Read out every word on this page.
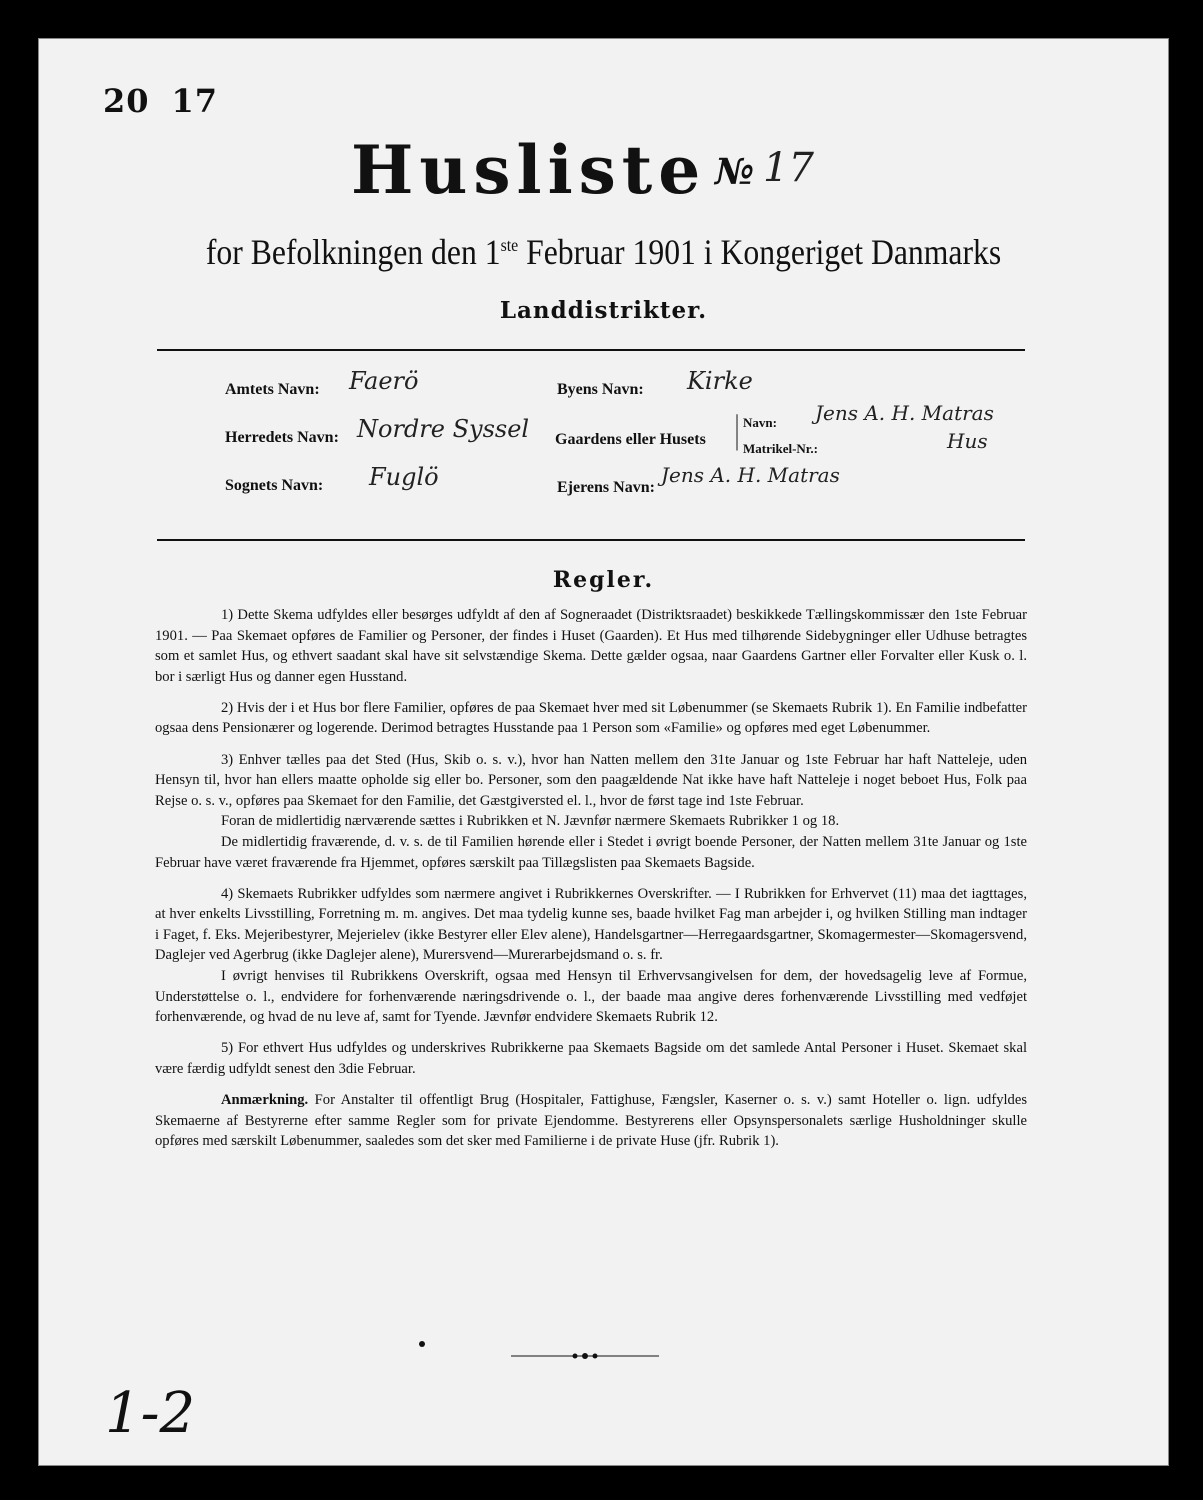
20 17
Husliste № 17
for Befolkningen den 1ste Februar 1901 i Kongeriget Danmarks
Landdistrikter.
Amtets Navn: Faerö	Byens Navn: Kirke
Herredets Navn: Nordre Syssel Gaardens eller Husets
|
|
Navn:
Matrikel-Nr.:
Jens A. H. Matras
Hus
Sognets Navn: Fuglö	Ejerens Navn:
Jens A. H. Matras
Regler.

1) Dette Skema udfyldes eller besørges udfyldt af den af Sogneraadet (Distriktsraadet) beskikkede Tællingskommissær den 1ste Februar 1901. — Paa Skemaet opføres de Familier og Personer, der findes i Huset (Gaarden). Et Hus med tilhørende Sidebygninger eller Udhuse betragtes som et samlet Hus, og ethvert saadant skal have sit selvstændige Skema. Dette gælder ogsaa, naar Gaardens Gartner eller Forvalter eller Kusk o. l. bor i særligt Hus og danner egen Husstand.

2) Hvis der i et Hus bor flere Familier, opføres de paa Skemaet hver med sit Løbenummer (se Skemaets Rubrik 1). En Familie indbefatter ogsaa dens Pensionærer og logerende. Derimod betragtes Husstande paa 1 Person som «Familie» og opføres med eget Løbenummer.

3) Enhver tælles paa det Sted (Hus, Skib o. s. v.), hvor han Natten mellem den 31te Januar og 1ste Februar har haft Natteleje, uden Hensyn til, hvor han ellers maatte opholde sig eller bo. Personer, som den paagældende Nat ikke have haft Natteleje i noget beboet Hus, Folk paa Rejse o. s. v., opføres paa Skemaet for den Familie, det Gæstgiversted el. l., hvor de først tage ind 1ste Februar.

Foran de midlertidig nærværende sættes i Rubrikken et N. Jævnfør nærmere Skemaets Rubrikker 1 og 18.

De midlertidig fraværende, d. v. s. de til Familien hørende eller i Stedet i øvrigt boende Personer, der Natten mellem 31te Januar og 1ste Februar have været fraværende fra Hjemmet, opføres særskilt paa Tillægslisten paa Skemaets Bagside.

4) Skemaets Rubrikker udfyldes som nærmere angivet i Rubrikkernes Overskrifter. — I Rubrikken for Erhvervet (11) maa det iagttages, at hver enkelts Livsstilling, Forretning m. m. angives. Det maa tydelig kunne ses, baade hvilket Fag man arbejder i, og hvilken Stilling man indtager i Faget, f. Eks. Mejeribestyrer, Mejerielev (ikke Bestyrer eller Elev alene), Handelsgartner—Herregaardsgartner, Skomagermester—Skomagersvend, Daglejer ved Agerbrug (ikke Daglejer alene), Murersvend—Murerarbejdsmand o. s. fr.

I øvrigt henvises til Rubrikkens Overskrift, ogsaa med Hensyn til Erhvervsangivelsen for dem, der hovedsagelig leve af Formue, Understøttelse o. l., endvidere for forhenværende næringsdrivende o. l., der baade maa angive deres forhenværende Livsstilling med vedføjet forhenværende, og hvad de nu leve af, samt for Tyende. Jævnfør endvidere Skemaets Rubrik 12.

5) For ethvert Hus udfyldes og underskrives Rubrikkerne paa Skemaets Bagside om det samlede Antal Personer i Huset. Skemaet skal være færdig udfyldt senest den 3die Februar.

Anmærkning. For Anstalter til offentligt Brug (Hospitaler, Fattighuse, Fængsler, Kaserner o. s. v.) samt Hoteller o. lign. udfyldes Skemaerne af Bestyrerne efter samme Regler som for private Ejendomme. Bestyrerens eller Opsynspersonalets særlige Husholdninger skulle opføres med særskilt Løbenummer, saaledes som det sker med Familierne i de private Huse (jfr. Rubrik 1).

1-2
